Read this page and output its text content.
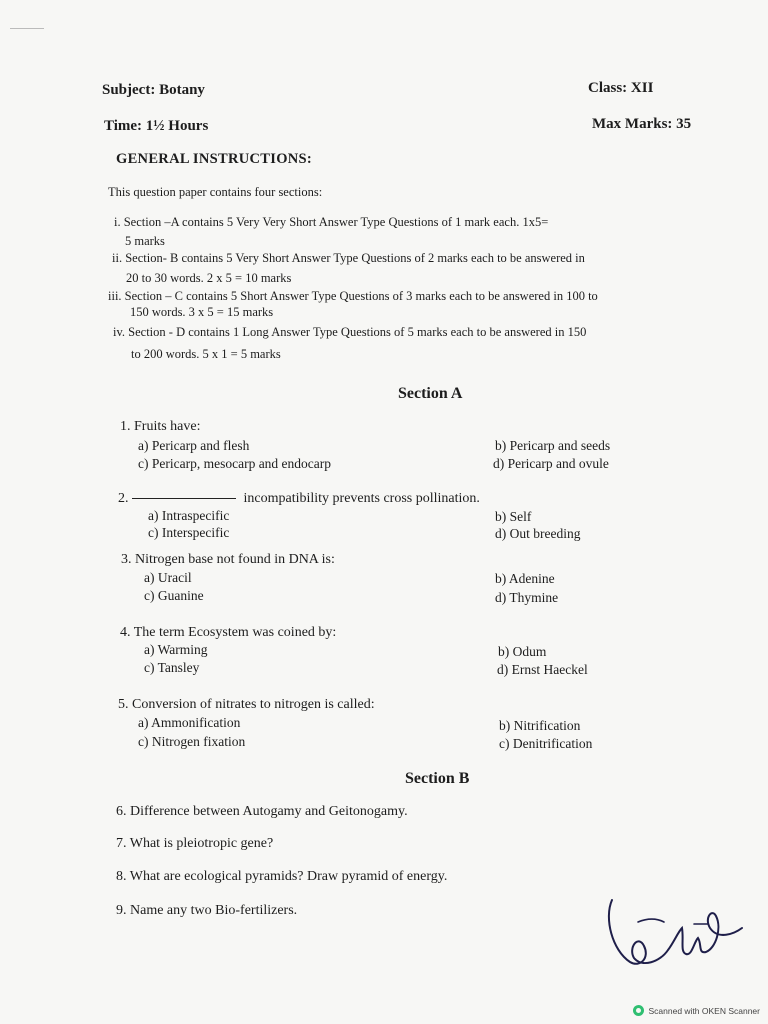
Subject: Botany	Class: XII
Time: 1½ Hours	Max Marks: 35
GENERAL INSTRUCTIONS:
This question paper contains four sections:
i. Section –A contains 5 Very Very Short Answer Type Questions of 1 mark each. 1x5=
5 marks
ii. Section- B contains 5 Very Short Answer Type Questions of 2 marks each to be answered in
20 to 30 words. 2 x 5 = 10 marks
iii. Section – C contains 5 Short Answer Type Questions of 3 marks each to be answered in 100 to
150 words. 3 x 5 = 15 marks
iv. Section - D contains 1 Long Answer Type Questions of 5 marks each to be answered in 150
to 200 words. 5 x 1 = 5 marks
Section A
1. Fruits have:
a) Pericarp and flesh	b) Pericarp and seeds
c) Pericarp, mesocarp and endocarp	d) Pericarp and ovule
2.	incompatibility prevents cross pollination.
a) Intraspecific	b) Self
c) Interspecific	d) Out breeding
3. Nitrogen base not found in DNA is:
a) Uracil	b) Adenine
c) Guanine	d) Thymine
4. The term Ecosystem was coined by:
a) Warming	b) Odum
c) Tansley	d) Ernst Haeckel
5. Conversion of nitrates to nitrogen is called:
a) Ammonification	b) Nitrification
c) Nitrogen fixation	c) Denitrification
Section B
6. Difference between Autogamy and Geitonogamy.
7. What is pleiotropic gene?
8. What are ecological pyramids? Draw pyramid of energy.
9. Name any two Bio-fertilizers.
Scanned with OKEN Scanner
